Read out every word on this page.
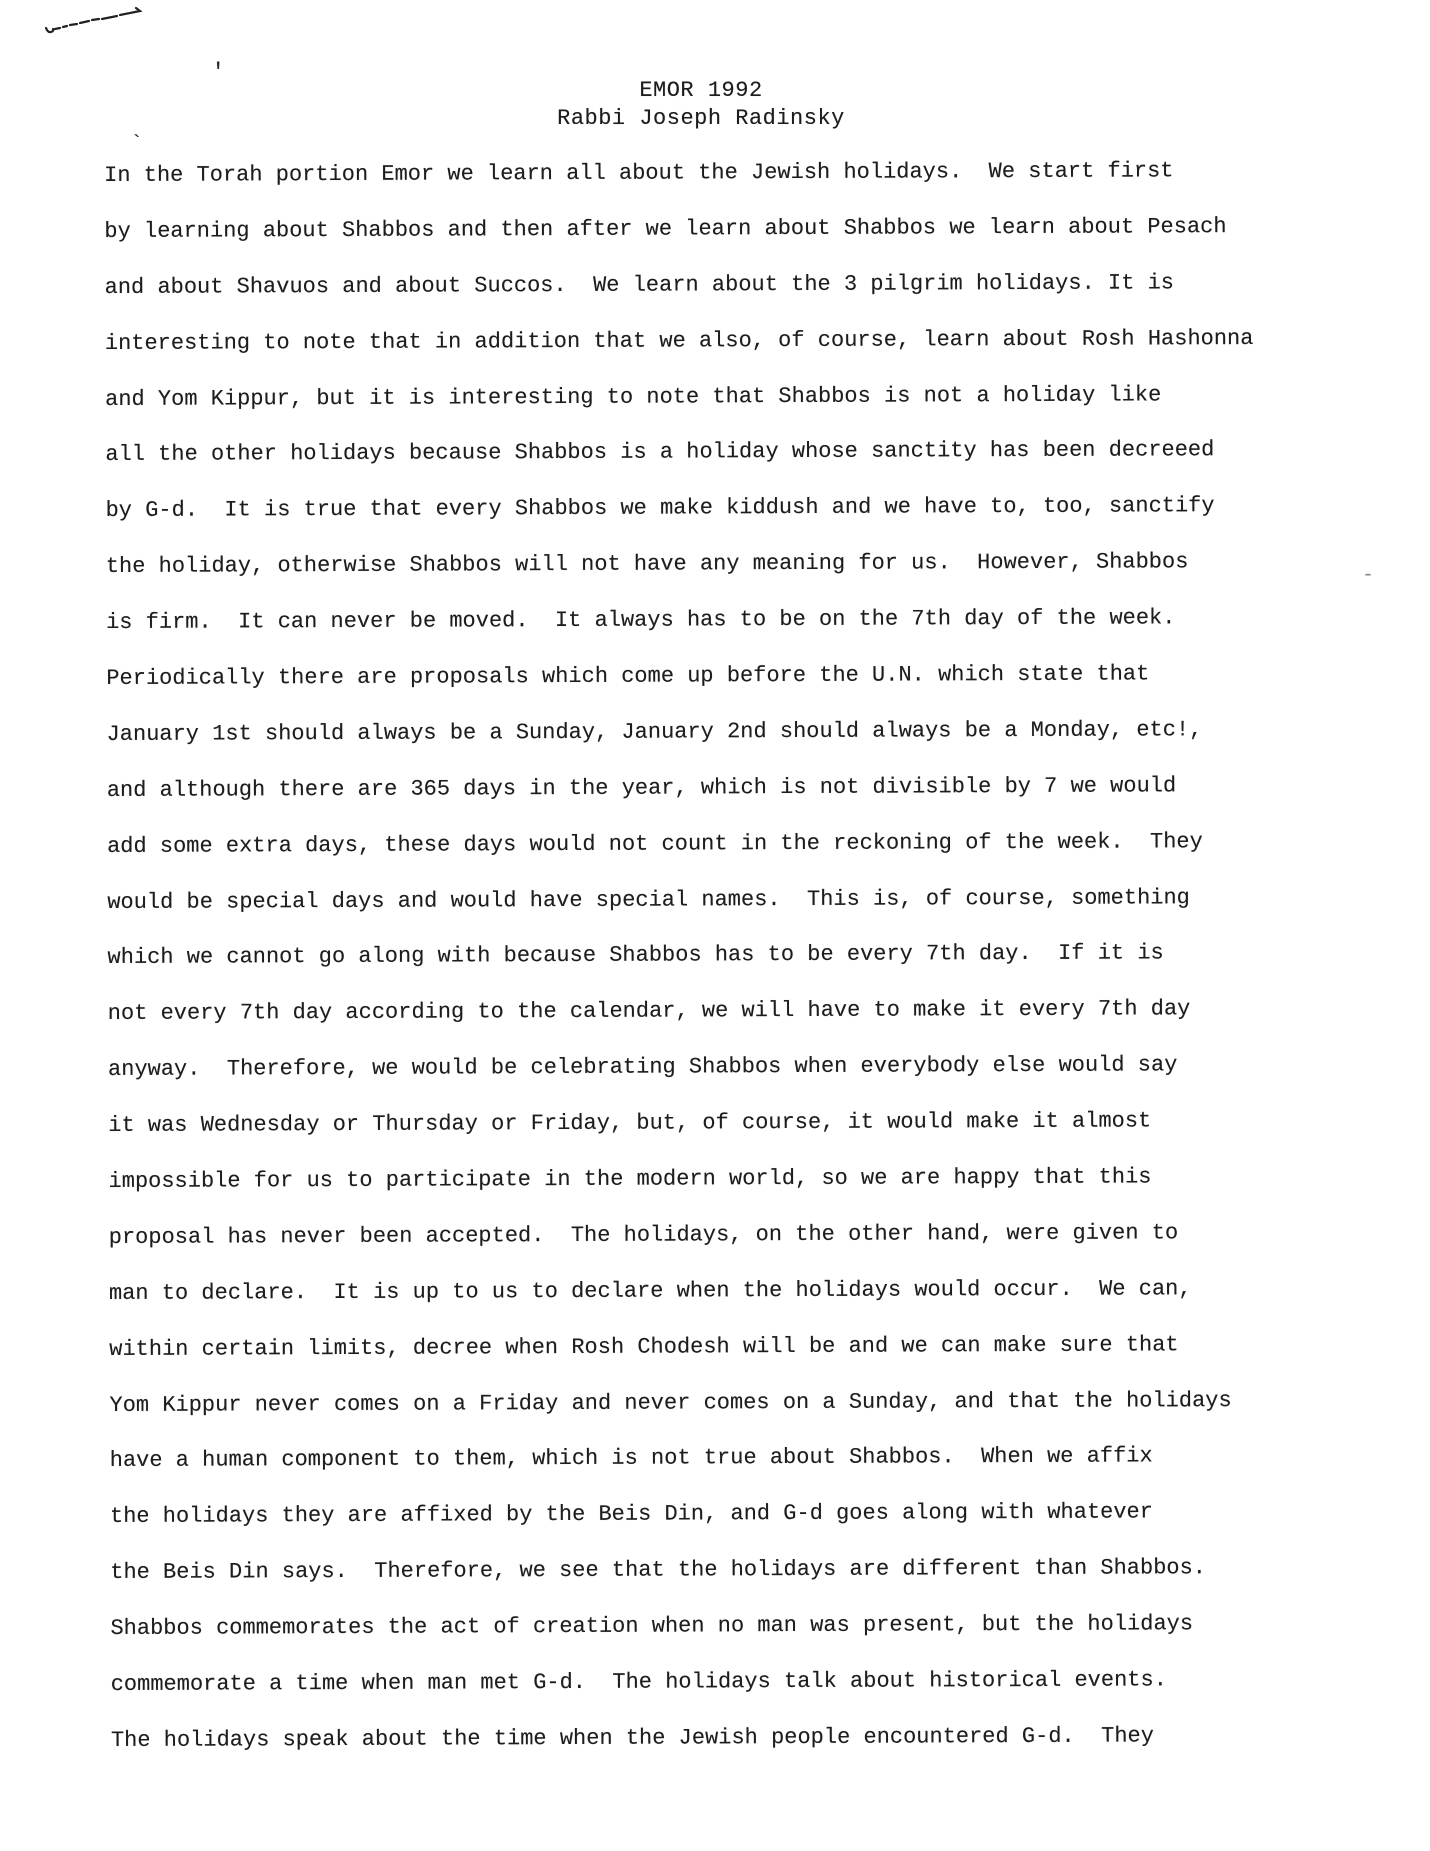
'
`
-
EMOR 1992
Rabbi Joseph Radinsky
In the Torah portion Emor we learn all about the Jewish holidays.  We start first
by learning about Shabbos and then after we learn about Shabbos we learn about Pesach
and about Shavuos and about Succos.  We learn about the 3 pilgrim holidays. It is
interesting to note that in addition that we also, of course, learn about Rosh Hashonna
and Yom Kippur, but it is interesting to note that Shabbos is not a holiday like
all the other holidays because Shabbos is a holiday whose sanctity has been decreeed
by G-d.  It is true that every Shabbos we make kiddush and we have to, too, sanctify
the holiday, otherwise Shabbos will not have any meaning for us.  However, Shabbos
is firm.  It can never be moved.  It always has to be on the 7th day of the week.
Periodically there are proposals which come up before the U.N. which state that
January 1st should always be a Sunday, January 2nd should always be a Monday, etc!,
and although there are 365 days in the year, which is not divisible by 7 we would
add some extra days, these days would not count in the reckoning of the week.  They
would be special days and would have special names.  This is, of course, something
which we cannot go along with because Shabbos has to be every 7th day.  If it is
not every 7th day according to the calendar, we will have to make it every 7th day
anyway.  Therefore, we would be celebrating Shabbos when everybody else would say
it was Wednesday or Thursday or Friday, but, of course, it would make it almost
impossible for us to participate in the modern world, so we are happy that this
proposal has never been accepted.  The holidays, on the other hand, were given to
man to declare.  It is up to us to declare when the holidays would occur.  We can,
within certain limits, decree when Rosh Chodesh will be and we can make sure that
Yom Kippur never comes on a Friday and never comes on a Sunday, and that the holidays
have a human component to them, which is not true about Shabbos.  When we affix
the holidays they are affixed by the Beis Din, and G-d goes along with whatever
the Beis Din says.  Therefore, we see that the holidays are different than Shabbos.
Shabbos commemorates the act of creation when no man was present, but the holidays
commemorate a time when man met G-d.  The holidays talk about historical events.
The holidays speak about the time when the Jewish people encountered G-d.  They
